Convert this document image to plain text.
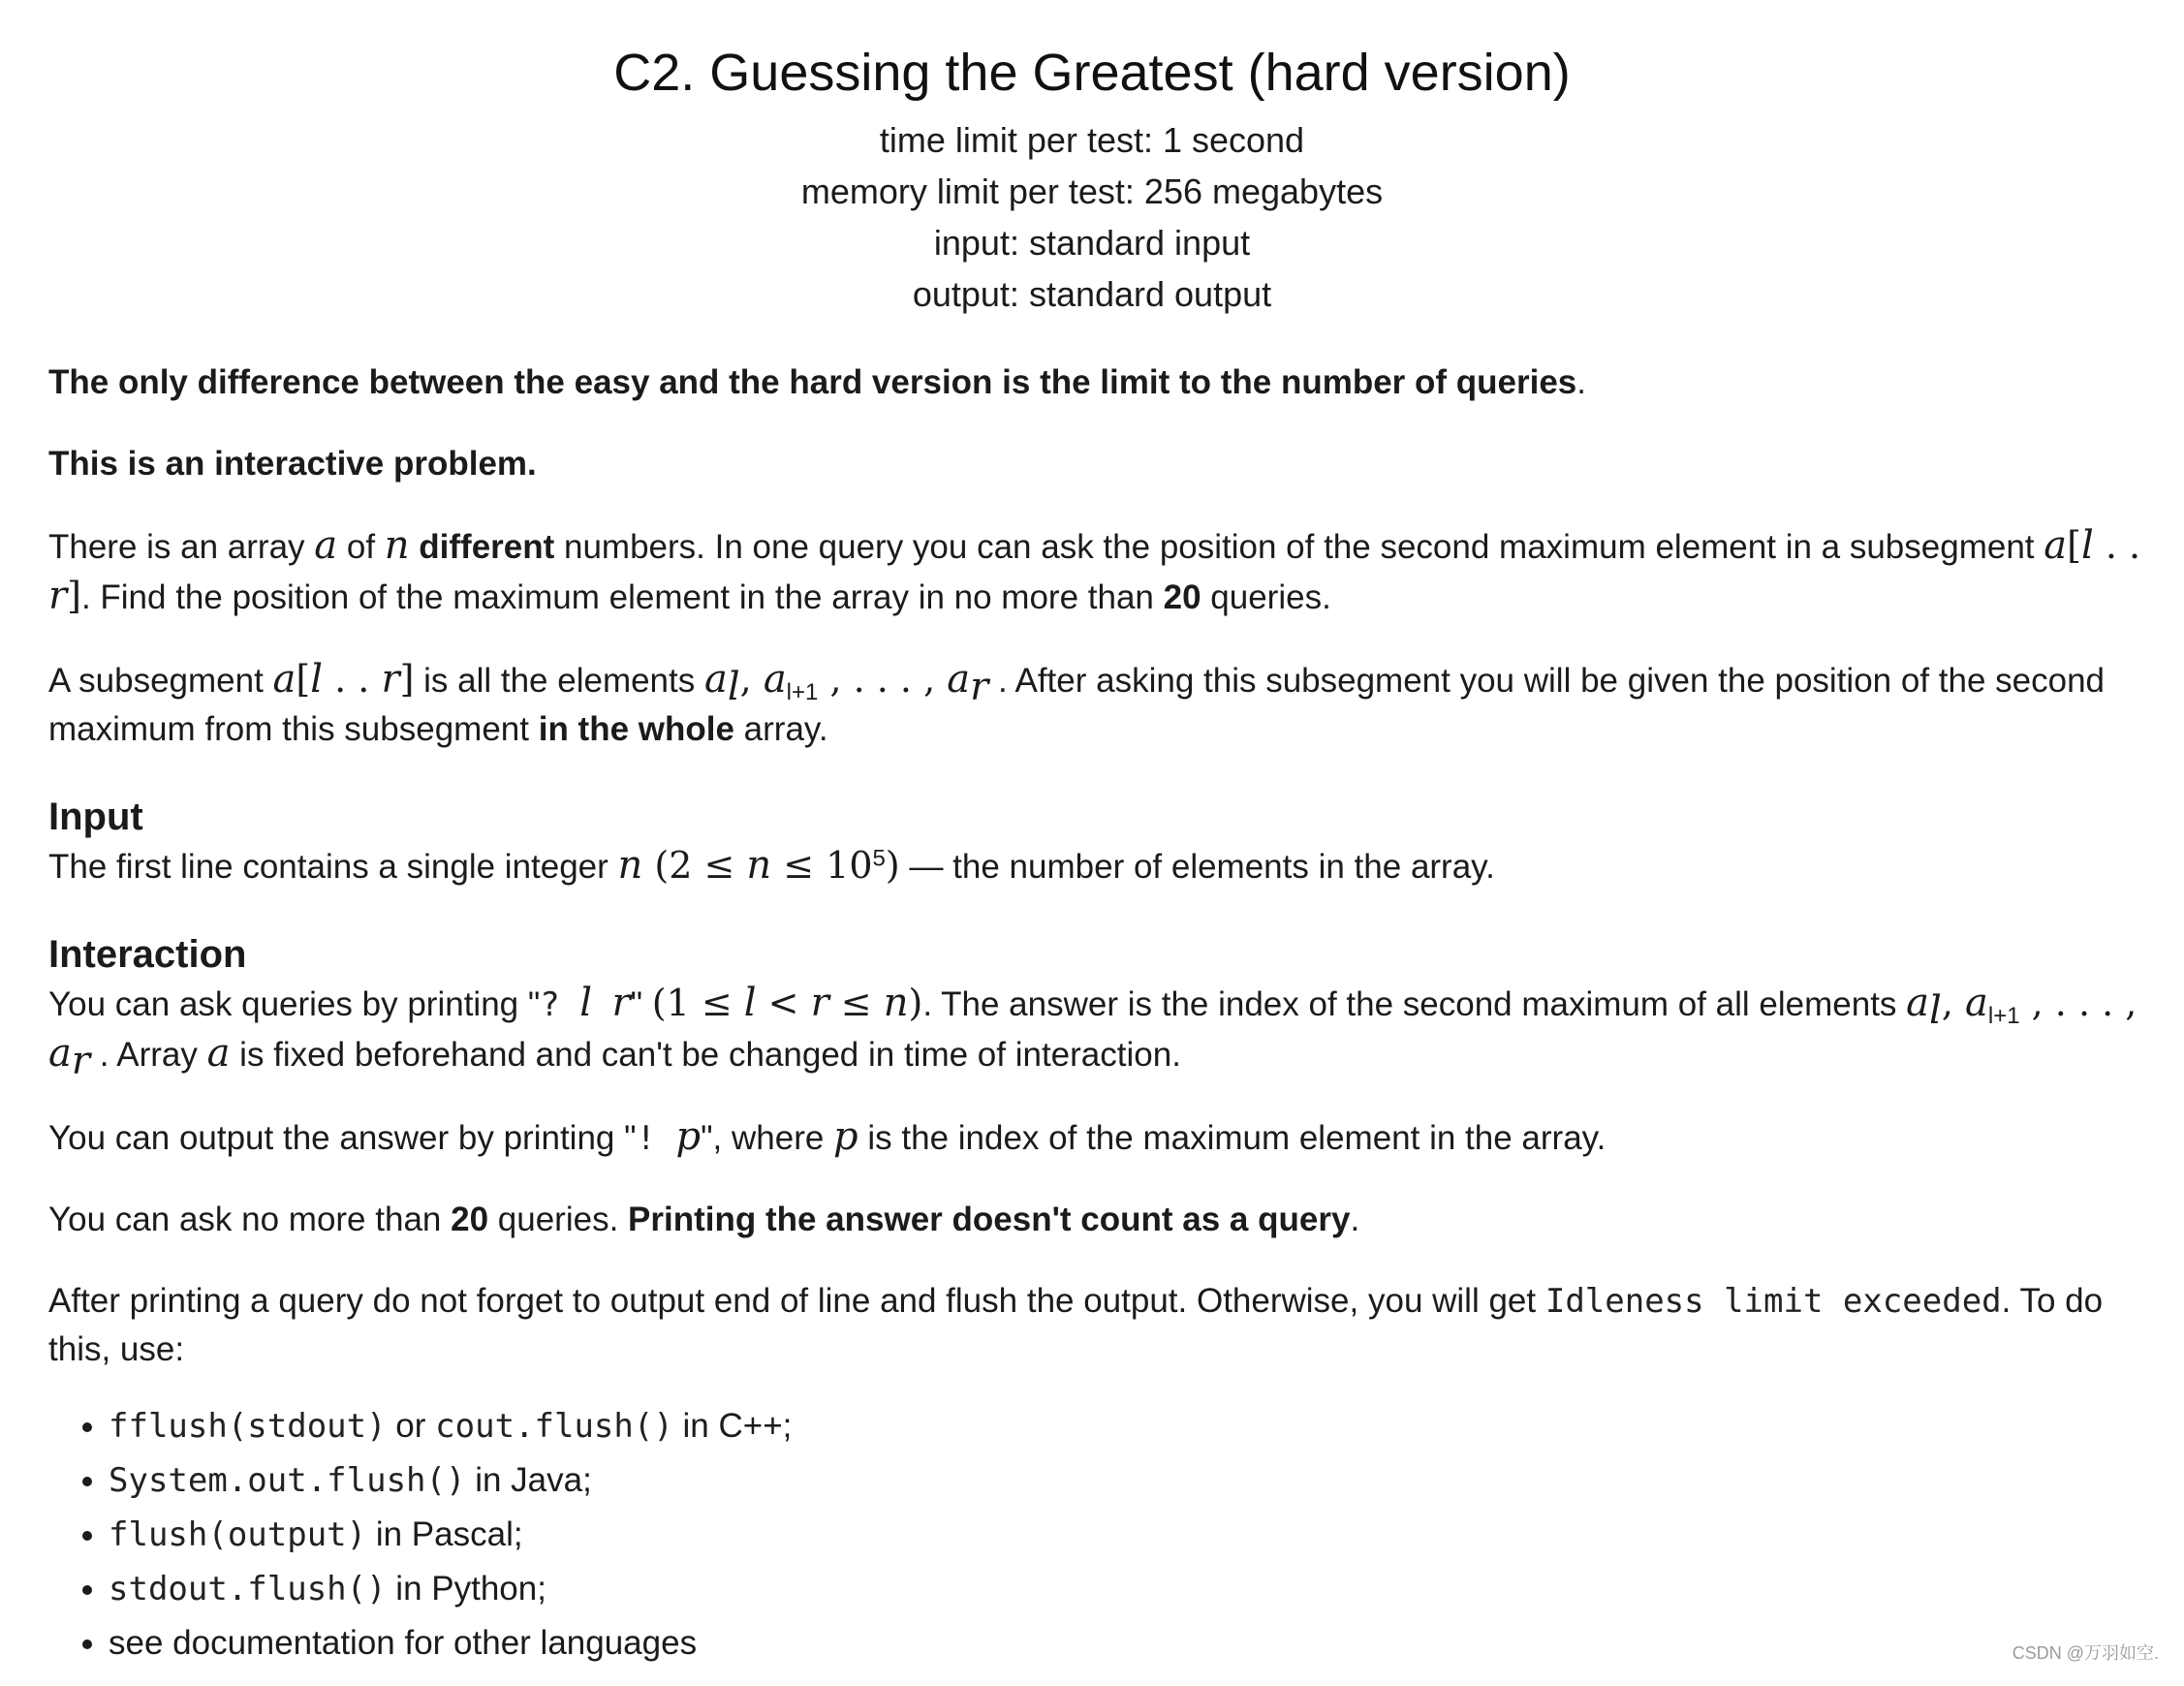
C2. Guessing the Greatest (hard version)
time limit per test: 1 second
memory limit per test: 256 megabytes
input: standard input
output: standard output

The only difference between the easy and the hard version is the limit to the number of queries.

This is an interactive problem.

There is an array a of n different numbers. In one query you can ask the position of the second maximum element in a subsegment a[l . . r]. Find the position of the maximum element in the array in no more than 20 queries.

A subsegment a[l . . r] is all the elements $a_l$, $a_{l+1}$ , . . . , $a_r$ . After asking this subsegment you will be given the position of the second maximum from this subsegment in the whole array.

Input

The first line contains a single integer n $(2 \le n \le 10^5)$ — the number of elements in the array.

Interaction

You can ask queries by printing "? l r" (1 ≤ l < r ≤ n). The answer is the index of the second maximum of all elements $a_l$, $a_{l+1}$ , . . . , $a_r$ . Array a is fixed beforehand and can't be changed in time of interaction.

You can output the answer by printing "! p", where p is the index of the maximum element in the array.

You can ask no more than 20 queries. Printing the answer doesn't count as a query.

After printing a query do not forget to output end of line and flush the output. Otherwise, you will get Idleness limit exceeded. To do this, use:

• fflush(stdout) or cout.flush() in C++;
• System.out.flush() in Java;
• flush(output) in Pascal;
• stdout.flush() in Python;
• see documentation for other languages	CSDN @万羽如空.
